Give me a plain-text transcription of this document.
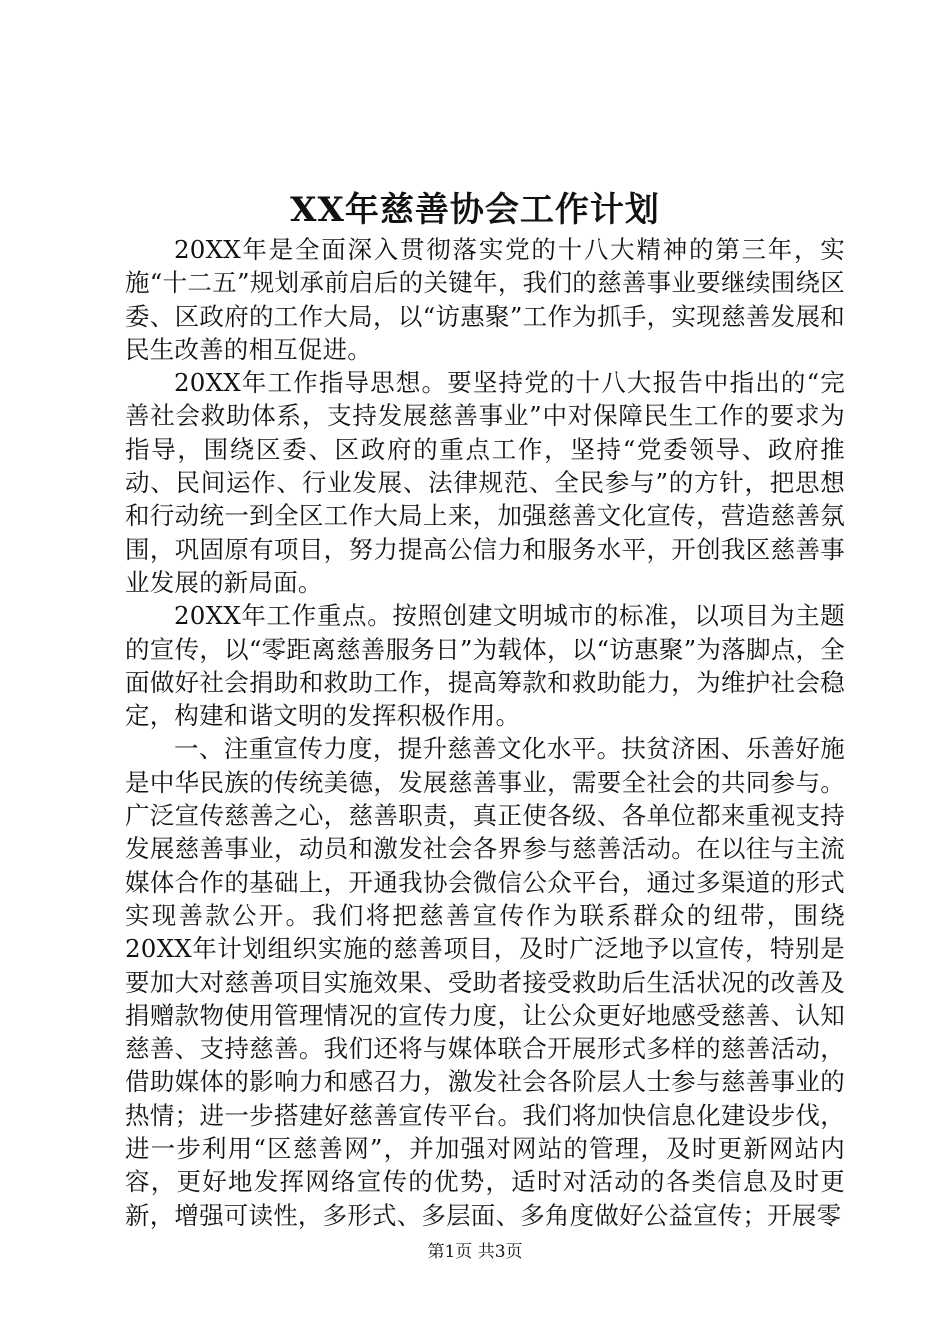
XX年慈善协会工作计划

20XX年是全面深入贯彻落实党的十八大精神的第三年，实施“十二五”规划承前启后的关键年，我们的慈善事业要继续围绕区委、区政府的工作大局，以“访惠聚”工作为抓手，实现慈善发展和民生改善的相互促进。

20XX年工作指导思想。要坚持党的十八大报告中指出的“完善社会救助体系，支持发展慈善事业”中对保障民生工作的要求为指导，围绕区委、区政府的重点工作，坚持“党委领导、政府推动、民间运作、行业发展、法律规范、全民参与”的方针，把思想和行动统一到全区工作大局上来，加强慈善文化宣传，营造慈善氛围，巩固原有项目，努力提高公信力和服务水平，开创我区慈善事业发展的新局面。

20XX年工作重点。按照创建文明城市的标准，以项目为主题的宣传，以“零距离慈善服务日”为载体，以“访惠聚”为落脚点，全面做好社会捐助和救助工作，提高筹款和救助能力，为维护社会稳定，构建和谐文明的发挥积极作用。

一、注重宣传力度，提升慈善文化水平。扶贫济困、乐善好施是中华民族的传统美德，发展慈善事业，需要全社会的共同参与。广泛宣传慈善之心，慈善职责，真正使各级、各单位都来重视支持发展慈善事业，动员和激发社会各界参与慈善活动。在以往与主流媒体合作的基础上，开通我协会微信公众平台，通过多渠道的形式实现善款公开。我们将把慈善宣传作为联系群众的纽带，围绕20XX年计划组织实施的慈善项目，及时广泛地予以宣传，特别是要加大对慈善项目实施效果、受助者接受救助后生活状况的改善及捐赠款物使用管理情况的宣传力度，让公众更好地感受慈善、认知慈善、支持慈善。我们还将与媒体联合开展形式多样的慈善活动，借助媒体的影响力和感召力，激发社会各阶层人士参与慈善事业的热情；进一步搭建好慈善宣传平台。我们将加快信息化建设步伐，进一步利用“区慈善网”，并加强对网站的管理，及时更新网站内容，更好地发挥网络宣传的优势，适时对活动的各类信息及时更新，增强可读性，多形式、多层面、多角度做好公益宣传；开展零

第1页 共3页
